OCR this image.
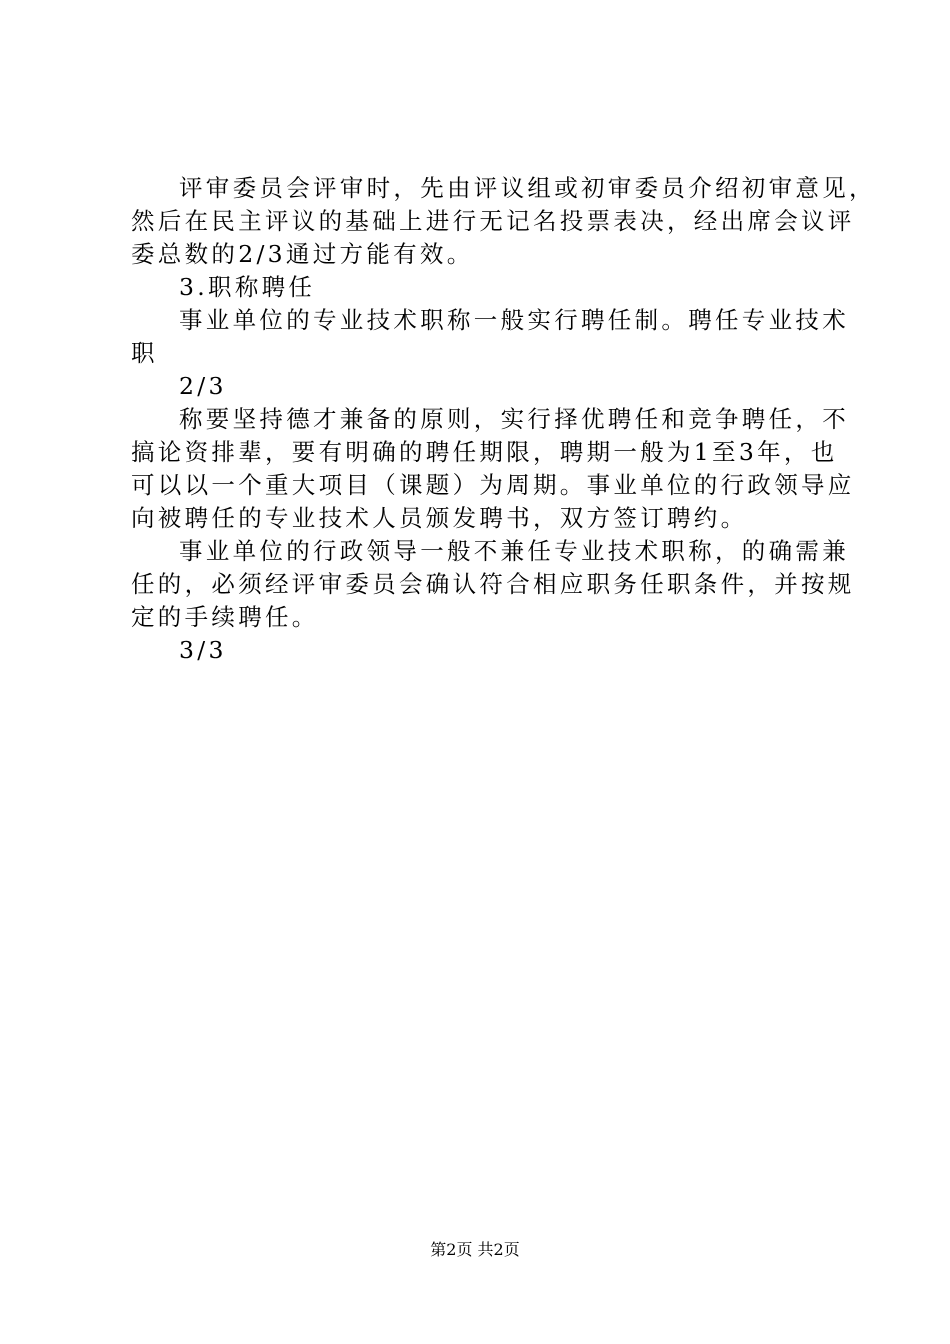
评审委员会评审时，先由评议组或初审委员介绍初审意见，
然后在民主评议的基础上进行无记名投票表决，经出席会议评
委总数的2/3通过方能有效。
3.职称聘任
事业单位的专业技术职称一般实行聘任制。聘任专业技术
职
2/3
称要坚持德才兼备的原则，实行择优聘任和竞争聘任，不
搞论资排辈，要有明确的聘任期限，聘期一般为1至3年，也
可以以一个重大项目（课题）为周期。事业单位的行政领导应
向被聘任的专业技术人员颁发聘书，双方签订聘约。
事业单位的行政领导一般不兼任专业技术职称，的确需兼
任的，必须经评审委员会确认符合相应职务任职条件，并按规
定的手续聘任。
3/3
第2页 共2页
